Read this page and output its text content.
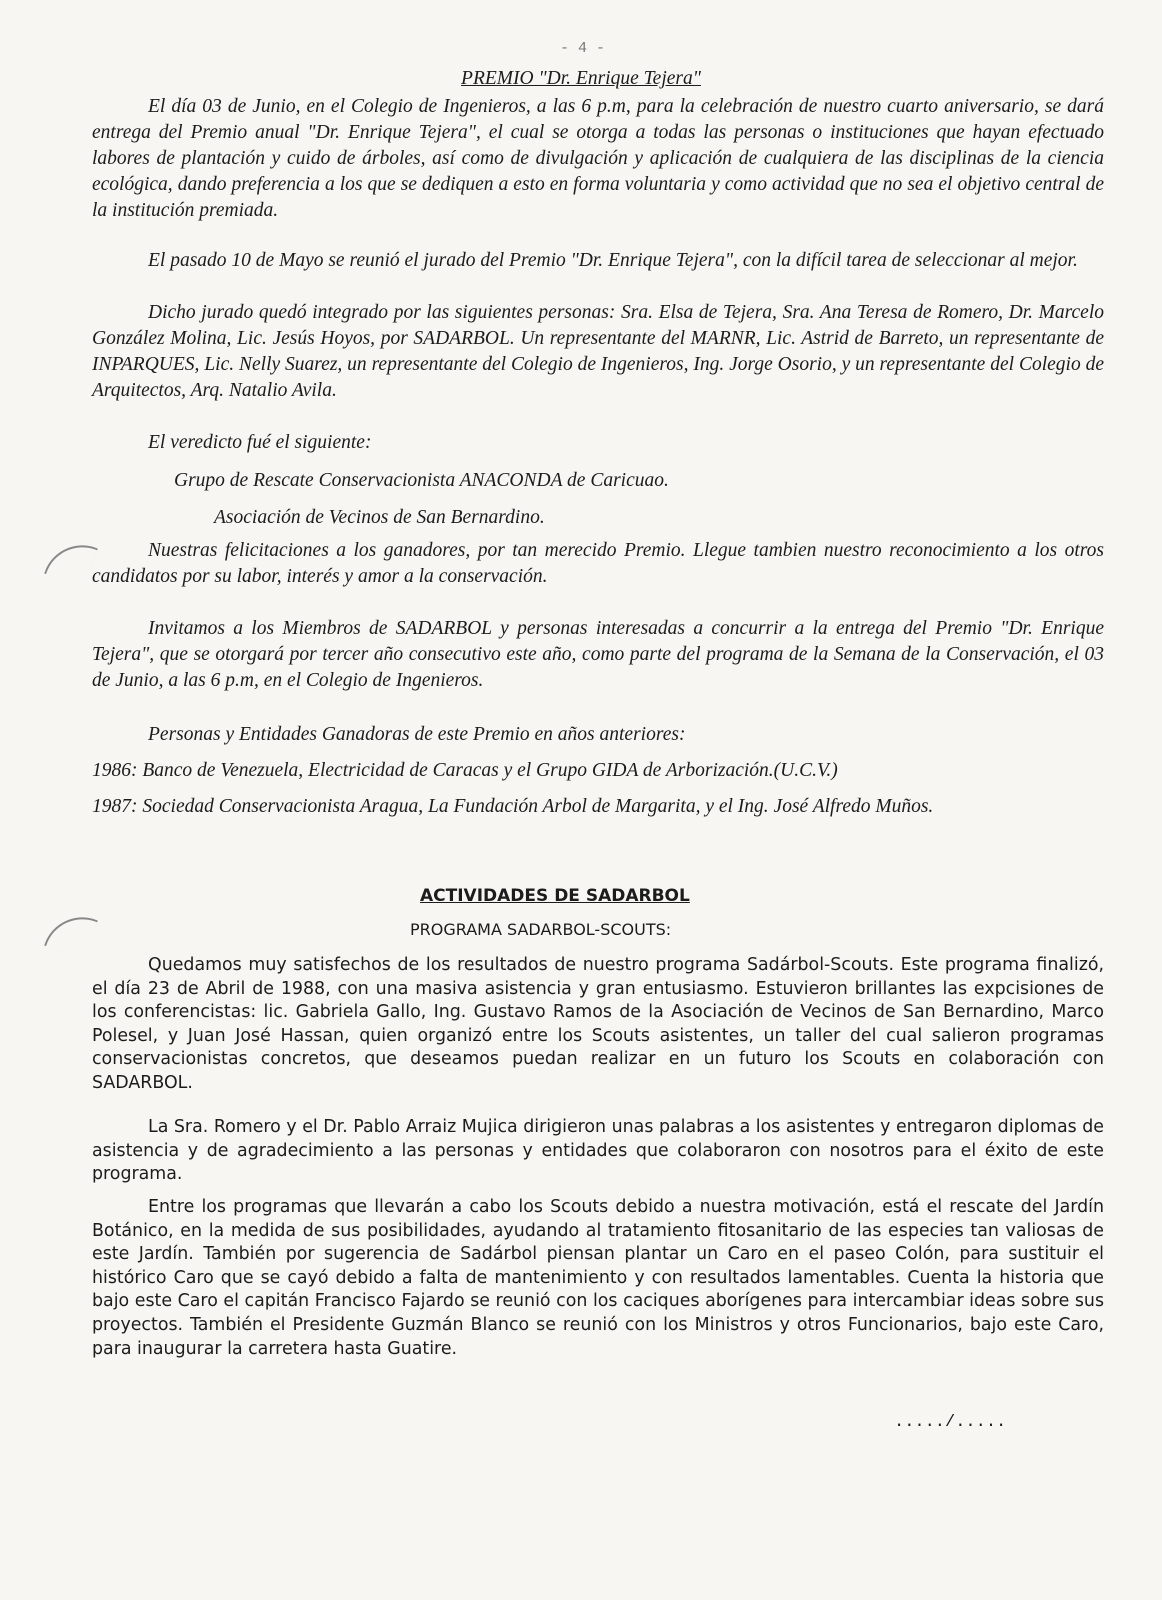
- 4 -
PREMIO "Dr. Enrique Tejera"

El día 03 de Junio, en el Colegio de Ingenieros, a las 6 p.m, para la celebración de nuestro cuarto aniversario, se dará entrega del Premio anual "Dr. Enrique Tejera", el cual se otorga a todas las personas o instituciones que hayan efectuado labores de plantación y cuido de árboles, así como de divulgación y aplicación de cualquiera de las disciplinas de la ciencia ecológica, dando preferencia a los que se dediquen a esto en forma voluntaria y como actividad que no sea el objetivo central de la institución premiada.

El pasado 10 de Mayo se reunió el jurado del Premio "Dr. Enrique Tejera", con la difícil tarea de seleccionar al mejor.

Dicho jurado quedó integrado por las siguientes personas: Sra. Elsa de Tejera, Sra. Ana Teresa de Romero, Dr. Marcelo González Molina, Lic. Jesús Hoyos, por SADARBOL. Un representante del MARNR, Lic. Astrid de Barreto, un representante de INPARQUES, Lic. Nelly Suarez, un representante del Colegio de Ingenieros, Ing. Jorge Osorio, y un representante del Colegio de Arquitectos, Arq. Natalio Avila.

El veredicto fué el siguiente:

Grupo de Rescate Conservacionista ANACONDA de Caricuao.

Asociación de Vecinos de San Bernardino.

Nuestras felicitaciones a los ganadores, por tan merecido Premio. Llegue tambien nuestro reconocimiento a los otros candidatos por su labor, interés y amor a la conservación.

Invitamos a los Miembros de SADARBOL y personas interesadas a concurrir a la entrega del Premio "Dr. Enrique Tejera", que se otorgará por tercer año consecutivo este año, como parte del programa de la Semana de la Conservación, el 03 de Junio, a las 6 p.m, en el Colegio de Ingenieros.

Personas y Entidades Ganadoras de este Premio en años anteriores:

1986: Banco de Venezuela, Electricidad de Caracas y el Grupo GIDA de Arborización.(U.C.V.)

1987: Sociedad Conservacionista Aragua, La Fundación Arbol de Margarita, y el Ing. José Alfredo Muños.

ACTIVIDADES DE SADARBOL

PROGRAMA SADARBOL-SCOUTS:

Quedamos muy satisfechos de los resultados de nuestro programa Sadárbol-Scouts. Este programa finalizó, el día 23 de Abril de 1988, con una masiva asistencia y gran entusiasmo. Estuvieron brillantes las expcisiones de los conferencistas: lic. Gabriela Gallo, Ing. Gustavo Ramos de la Asociación de Vecinos de San Bernardino, Marco Polesel, y Juan José Hassan, quien organizó entre los Scouts asistentes, un taller del cual salieron programas conservacionistas concretos, que deseamos puedan realizar en un futuro los Scouts en colaboración con SADARBOL.

La Sra. Romero y el Dr. Pablo Arraiz Mujica dirigieron unas palabras a los asistentes y entregaron diplomas de asistencia y de agradecimiento a las personas y entidades que colaboraron con nosotros para el éxito de este programa.

Entre los programas que llevarán a cabo los Scouts debido a nuestra motivación, está el rescate del Jardín Botánico, en la medida de sus posibilidades, ayudando al tratamiento fitosanitario de las especies tan valiosas de este Jardín. También por sugerencia de Sadárbol piensan plantar un Caro en el paseo Colón, para sustituir el histórico Caro que se cayó debido a falta de mantenimiento y con resultados lamentables. Cuenta la historia que bajo este Caro el capitán Francisco Fajardo se reunió con los caciques aborígenes para intercambiar ideas sobre sus proyectos. También el Presidente Guzmán Blanco se reunió con los Ministros y otros Funcionarios, bajo este Caro, para inaugurar la carretera hasta Guatire.

...../.....
